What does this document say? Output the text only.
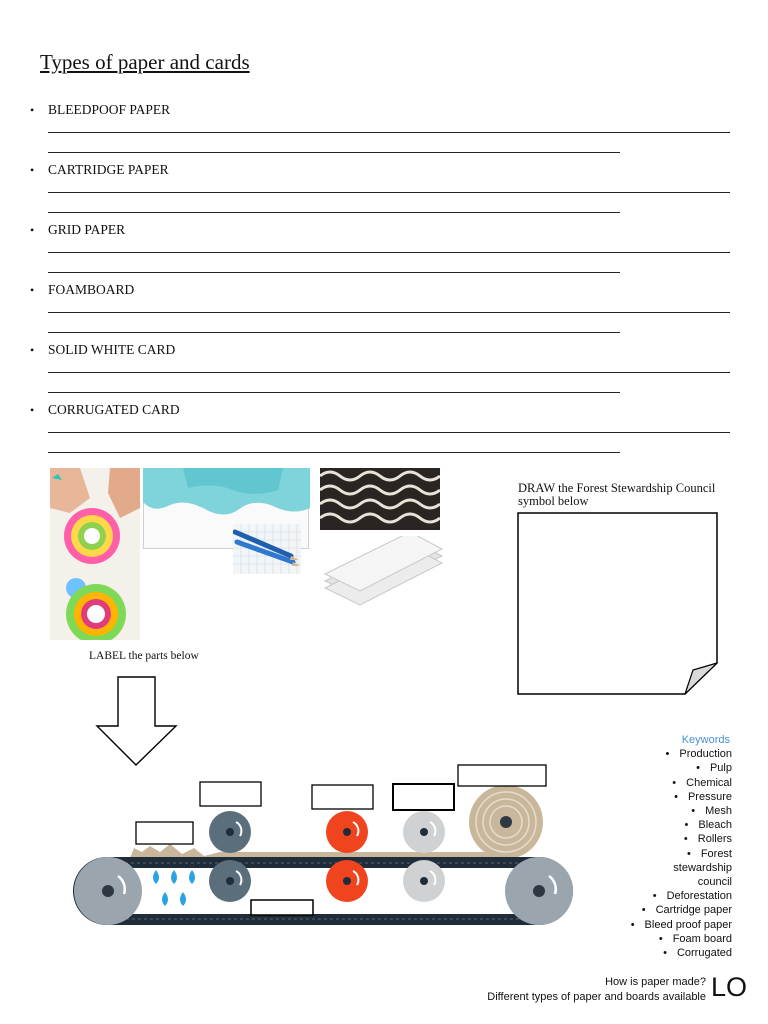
Types of paper and cards
• BLEEDPOOF PAPER
• CARTRIDGE PAPER
• GRID PAPER
• FOAMBOARD
• SOLID WHITE CARD
• CORRUGATED CARD
DRAW the Forest Stewardship Council symbol below
LABEL the parts below
Keywords
• Production
• Pulp
• Chemical
• Pressure
• Mesh
• Bleach
• Rollers
• Forest stewardship council
• Deforestation
• Cartridge paper
• Bleed proof paper
• Foam board
• Corrugated
How is paper made?
Different types of paper and boards available LO
